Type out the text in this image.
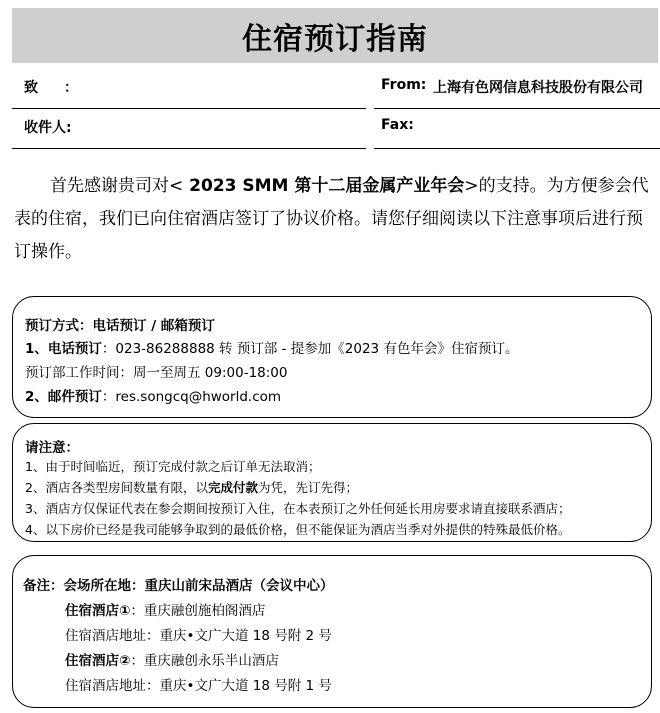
住宿预订指南
致 ：	From: 上海有色网信息科技股份有限公司
收件人:	Fax:

首先感谢贵司对< 2023 SMM 第十二届金属产业年会>的支持。为方便参会代表的住宿，我们已向住宿酒店签订了协议价格。请您仔细阅读以下注意事项后进行预订操作。

预订方式：电话预订 / 邮箱预订
1、电话预订：023-86288888 转 预订部 - 提参加《2023 有色年会》住宿预订。
预订部工作时间：周一至周五 09:00-18:00
2、邮件预订：res.songcq@hworld.com
请注意：
1、由于时间临近，预订完成付款之后订单无法取消；
2、酒店各类型房间数量有限，以完成付款为凭，先订先得；
3、酒店方仅保证代表在参会期间按预订入住，在本表预订之外任何延长用房要求请直接联系酒店；
4、以下房价已经是我司能够争取到的最低价格，但不能保证为酒店当季对外提供的特殊最低价格。
备注：会场所在地：重庆山前宋品酒店（会议中心）
住宿酒店①：重庆融创施柏阁酒店
住宿酒店地址：重庆•文广大道 18 号附 2 号
住宿酒店②：重庆融创永乐半山酒店
住宿酒店地址：重庆•文广大道 18 号附 1 号
